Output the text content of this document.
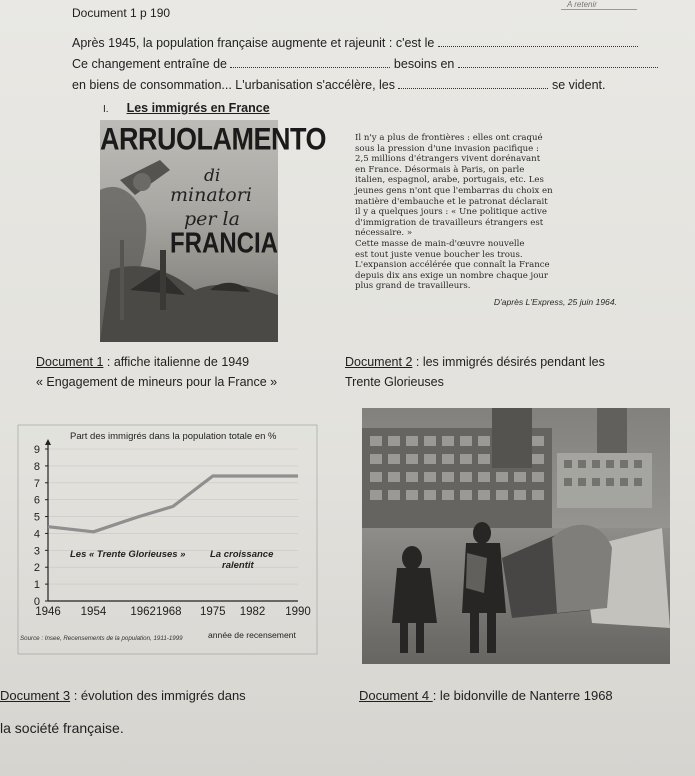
Document 1 p 190
A retenir
Après 1945, la population française augmente et rajeunit : c'est le
Ce changement entraîne de	besoins en
en biens de consommation... L'urbanisation s'accélère, les	se vident.
I. Les immigrés en France
ARRUOLAMENTO
di
minatori
per la
FRANCIA
Il n'y a plus de frontières : elles ont craqué
sous la pression d'une invasion pacifique :
2,5 millions d'étrangers vivent dorénavant
en France. Désormais à Paris, on parle
italien, espagnol, arabe, portugais, etc. Les
jeunes gens n'ont que l'embarras du choix en
matière d'embauche et le patronat déclarait
il y a quelques jours : « Une politique active
d'immigration de travailleurs étrangers est
nécessaire. »
Cette masse de main-d'œuvre nouvelle
est tout juste venue boucher les trous.
L'expansion accélérée que connaît la France
depuis dix ans exige un nombre chaque jour
plus grand de travailleurs.
D'après L'Express, 25 juin 1964.
Document 1 : affiche italienne de 1949
« Engagement de mineurs pour la France »
Document 2 : les immigrés désirés pendant les
Trente Glorieuses
0
1
2
3
4
5
6
7
8
9
1946 1954 19621968 1975 1982 1990
Part des immigrés dans la population totale en %
Les « Trente Glorieuses »	La croissance
ralentit
année de recensement
Source : Insee, Recensements de la population, 1911-1999
Document 3 : évolution des immigrés dans	Document 4 : le bidonville de Nanterre 1968
la société française.
